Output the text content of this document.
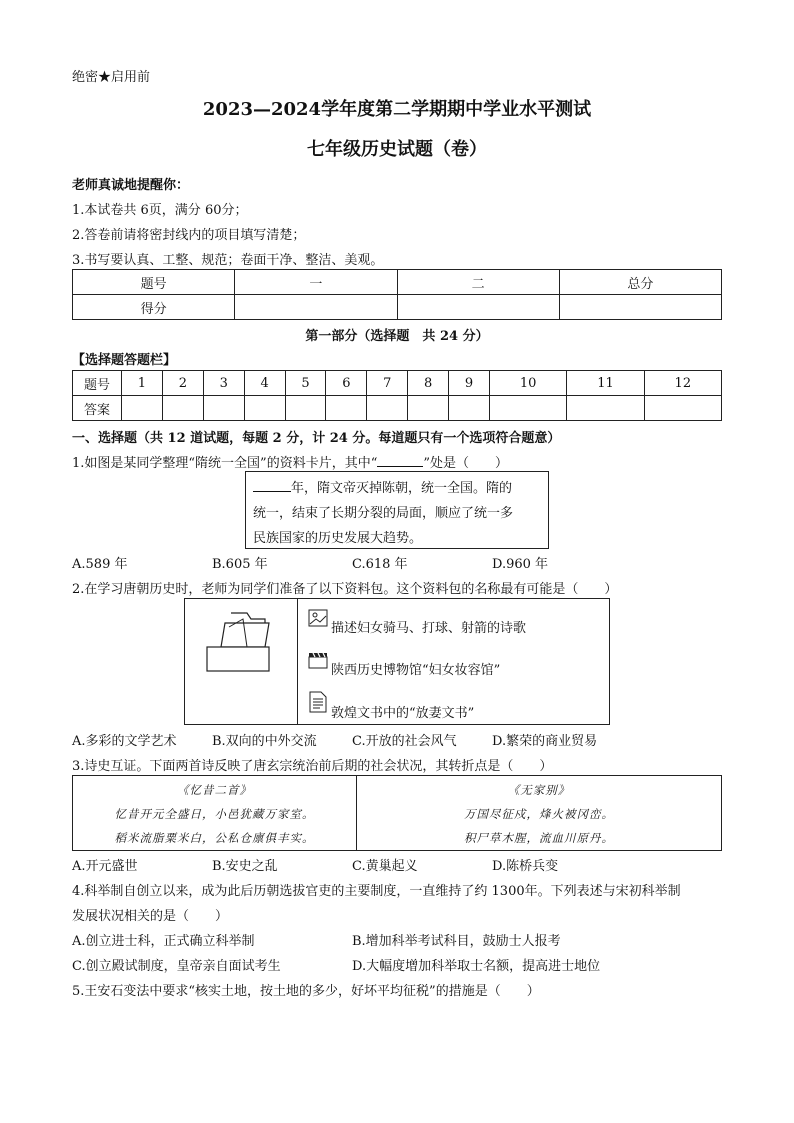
绝密★启用前
2023—2024学年度第二学期期中学业水平测试
七年级历史试题（卷）
老师真诚地提醒你：
1.本试卷共 6页，满分 60分；
2.答卷前请将密封线内的项目填写清楚；
3.书写要认真、工整、规范；卷面干净、整洁、美观。
题号	一	二	总分
得分			
第一部分（选择题　共 24 分）
【选择题答题栏】
题号	1	2	3	4	5	6	7	8	9	10	11	12
答案												
一、选择题（共 12 道试题，每题 2 分，计 24 分。每道题只有一个选项符合题意）
1.如图是某同学整理“隋统一全国”的资料卡片，其中“	”处是（　　）
年，隋文帝灭掉陈朝，统一全国。隋的
统一，结束了长期分裂的局面，顺应了统一多
民族国家的历史发展大趋势。
A.589 年	B.605 年	C.618 年	D.960 年
2.在学习唐朝历史时，老师为同学们准备了以下资料包。这个资料包的名称最有可能是（　　）
描述妇女骑马、打球、射箭的诗歌
陕西历史博物馆“妇女妆容馆”
敦煌文书中的“放妻文书”
A.多彩的文学艺术	B.双向的中外交流	C.开放的社会风气	D.繁荣的商业贸易
3.诗史互证。下面两首诗反映了唐玄宗统治前后期的社会状况，其转折点是（　　）
《忆昔二首》
忆昔开元全盛日，小邑犹藏万家室。
稻米流脂粟米白，公私仓廪俱丰实。
《无家别》
万国尽征戍，烽火被冈峦。
积尸草木腥，流血川原丹。
A.开元盛世	B.安史之乱	C.黄巢起义	D.陈桥兵变
4.科举制自创立以来，成为此后历朝选拔官吏的主要制度，一直维持了约 1300年。下列表述与宋初科举制
发展状况相关的是（　　）
A.创立进士科，正式确立科举制	B.增加科举考试科目，鼓励士人报考
C.创立殿试制度，皇帝亲自面试考生	D.大幅度增加科举取士名额，提高进士地位
5.王安石变法中要求“核实土地，按土地的多少，好坏平均征税”的措施是（　　）
